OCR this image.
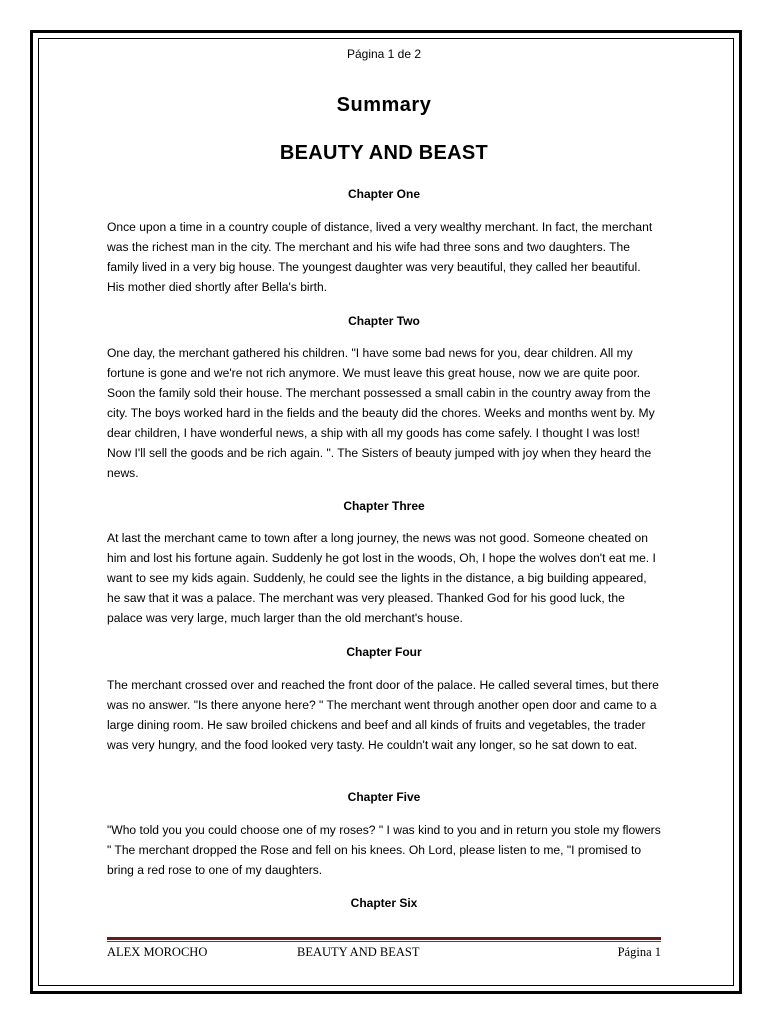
Página 1 de 2

Summary
BEAUTY AND BEAST
Chapter One

Once upon a time in a country couple of distance, lived a very wealthy merchant. In fact, the merchant was the richest man in the city. The merchant and his wife had three sons and two daughters. The family lived in a very big house. The youngest daughter was very beautiful, they called her beautiful. His mother died shortly after Bella's birth.

Chapter Two

One day, the merchant gathered his children. "I have some bad news for you, dear children. All my fortune is gone and we're not rich anymore. We must leave this great house, now we are quite poor. Soon the family sold their house. The merchant possessed a small cabin in the country away from the city. The boys worked hard in the fields and the beauty did the chores. Weeks and months went by. My dear children, I have wonderful news, a ship with all my goods has come safely. I thought I was lost! Now I'll sell the goods and be rich again. ". The Sisters of beauty jumped with joy when they heard the news.

Chapter Three

At last the merchant came to town after a long journey, the news was not good. Someone cheated on him and lost his fortune again. Suddenly he got lost in the woods, Oh, I hope the wolves don't eat me. I want to see my kids again. Suddenly, he could see the lights in the distance, a big building appeared, he saw that it was a palace. The merchant was very pleased. Thanked God for his good luck, the palace was very large, much larger than the old merchant's house.

Chapter Four

The merchant crossed over and reached the front door of the palace. He called several times, but there was no answer. "Is there anyone here? " The merchant went through another open door and came to a large dining room. He saw broiled chickens and beef and all kinds of fruits and vegetables, the trader was very hungry, and the food looked very tasty. He couldn't wait any longer, so he sat down to eat.

Chapter Five

"Who told you you could choose one of my roses? " I was kind to you and in return you stole my flowers " The merchant dropped the Rose and fell on his knees. Oh Lord, please listen to me, "I promised to bring a red rose to one of my daughters.

Chapter Six
ALEX MOROCHO	BEAUTY AND BEAST	Página 1
